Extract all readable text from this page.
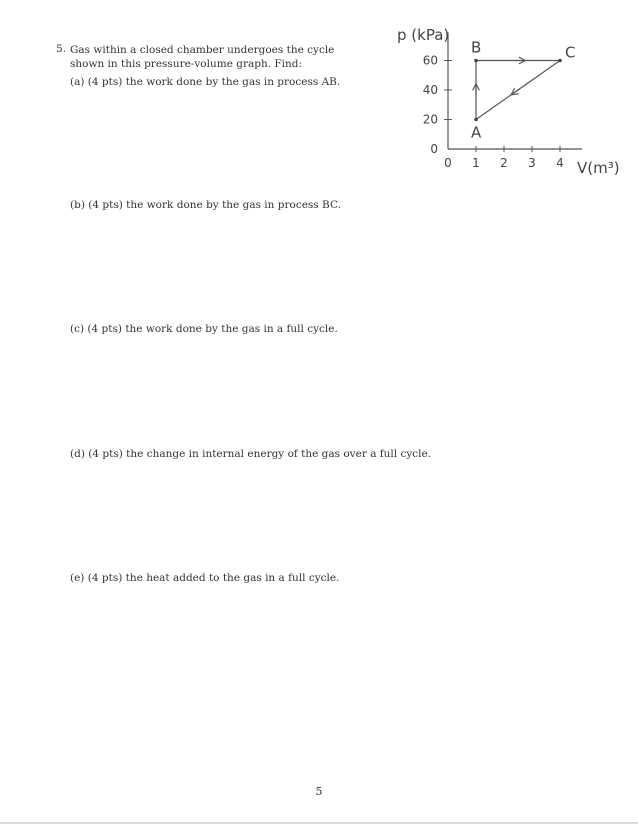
5. Gas within a closed chamber undergoes the cycle shown in this pressure-volume graph. Find:
(a) (4 pts) the work done by the gas in process AB.
(b) (4 pts) the work done by the gas in process BC.
(c) (4 pts) the work done by the gas in a full cycle.
(d) (4 pts) the change in internal energy of the gas over a full cycle.
(e) (4 pts) the heat added to the gas in a full cycle.
0 1 2 3 4
0
20
40
60
A
B	C
p (kPa)
V(m³)
5
